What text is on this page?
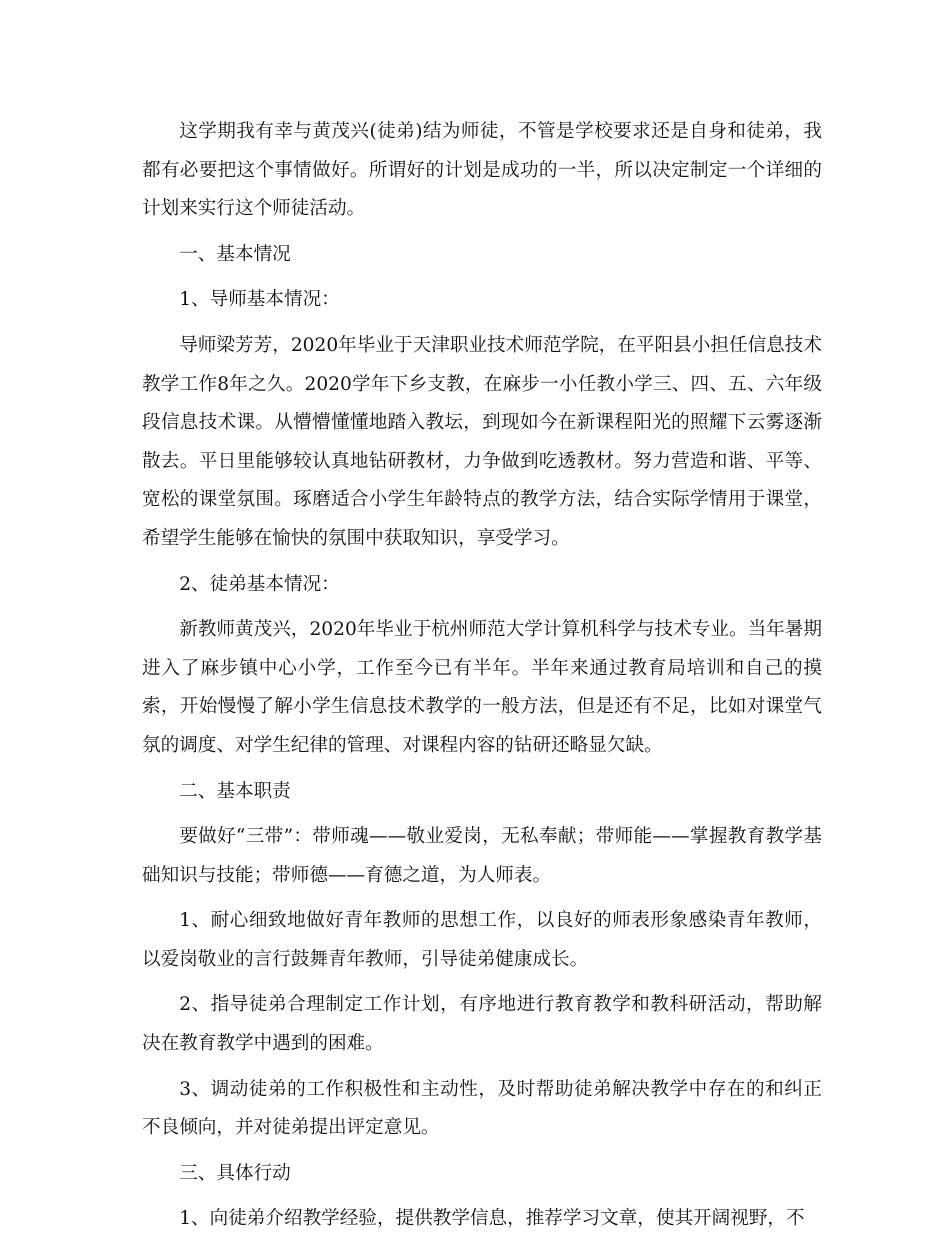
这学期我有幸与黄茂兴(徒弟)结为师徒，不管是学校要求还是自身和徒弟，我都有必要把这个事情做好。所谓好的计划是成功的一半，所以决定制定一个详细的计划来实行这个师徒活动。

一、基本情况

1、导师基本情况：

导师梁芳芳，2020年毕业于天津职业技术师范学院，在平阳县小担任信息技术教学工作8年之久。2020学年下乡支教，在麻步一小任教小学三、四、五、六年级段信息技术课。从懵懵懂懂地踏入教坛，到现如今在新课程阳光的照耀下云雾逐渐散去。平日里能够较认真地钻研教材，力争做到吃透教材。努力营造和谐、平等、宽松的课堂氛围。琢磨适合小学生年龄特点的教学方法，结合实际学情用于课堂，希望学生能够在愉快的氛围中获取知识，享受学习。

2、徒弟基本情况：

新教师黄茂兴，2020年毕业于杭州师范大学计算机科学与技术专业。当年暑期进入了麻步镇中心小学，工作至今已有半年。半年来通过教育局培训和自己的摸索，开始慢慢了解小学生信息技术教学的一般方法，但是还有不足，比如对课堂气氛的调度、对学生纪律的管理、对课程内容的钻研还略显欠缺。

二、基本职责

要做好“三带”：带师魂——敬业爱岗，无私奉献；带师能——掌握教育教学基础知识与技能；带师德——育德之道，为人师表。

1、耐心细致地做好青年教师的思想工作，以良好的师表形象感染青年教师，以爱岗敬业的言行鼓舞青年教师，引导徒弟健康成长。

2、指导徒弟合理制定工作计划，有序地进行教育教学和教科研活动，帮助解决在教育教学中遇到的困难。

3、调动徒弟的工作积极性和主动性，及时帮助徒弟解决教学中存在的和纠正不良倾向，并对徒弟提出评定意见。

三、具体行动

1、向徒弟介绍教学经验，提供教学信息，推荐学习文章，使其开阔视野，不
